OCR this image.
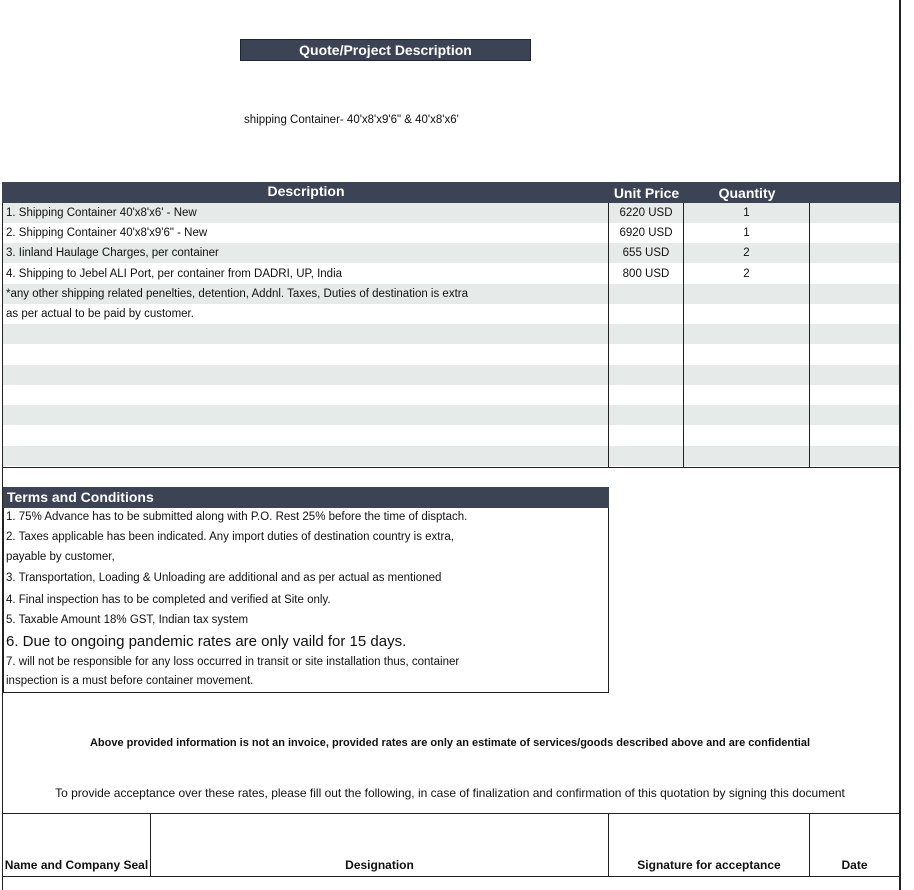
Quote/Project Description
shipping Container- 40'x8'x9'6" & 40'x8'x6'
Description	Unit Price	Quantity
1. Shipping Container 40'x8'x6' - New	6220 USD	1
2. Shipping Container 40'x8'x9'6" - New	6920 USD	1
3. Iinland Haulage Charges, per container	655 USD	2
4. Shipping to Jebel ALI Port, per container from DADRI, UP, India	800 USD	2
*any other shipping related penelties, detention, Addnl. Taxes, Duties of destination is extra
as per actual to be paid by customer.
Terms and Conditions
1. 75% Advance has to be submitted along with P.O. Rest 25% before the time of disptach.
2. Taxes applicable has been indicated. Any import duties of destination country is extra,
payable by customer,
3. Transportation, Loading & Unloading are additional and as per actual as mentioned
4. Final inspection has to be completed and verified at Site only.
5. Taxable Amount 18% GST, Indian tax system
6. Due to ongoing pandemic rates are only vaild for 15 days.
7. will not be responsible for any loss occurred in transit or site installation thus, container
inspection is a must before container movement.
Above provided information is not an invoice, provided rates are only an estimate of services/goods described above and are confidential
To provide acceptance over these rates, please fill out the following, in case of finalization and confirmation of this quotation by signing this document
Name and Company Seal	Designation	Signature for acceptance	Date
